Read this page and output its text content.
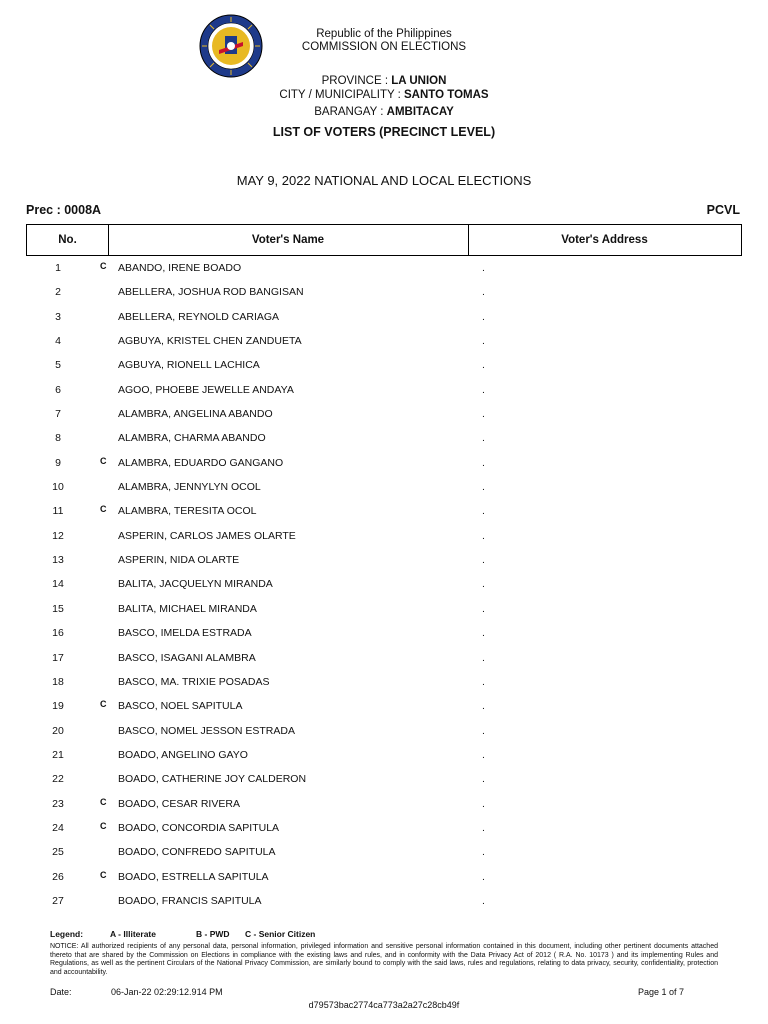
Republic of the Philippines
COMMISSION ON ELECTIONS
PROVINCE : LA UNION
CITY / MUNICIPALITY : SANTO TOMAS
BARANGAY : AMBITACAY
LIST OF VOTERS (PRECINCT LEVEL)
MAY 9, 2022 NATIONAL AND LOCAL ELECTIONS
Prec : 0008A	PCVL
No.	Voter's Name	Voter's Address
1	C ABANDO, IRENE BOADO	.
2	ABELLERA, JOSHUA ROD BANGISAN	.
3	ABELLERA, REYNOLD CARIAGA	.
4	AGBUYA, KRISTEL CHEN ZANDUETA	.
5	AGBUYA, RIONELL LACHICA	.
6	AGOO, PHOEBE JEWELLE ANDAYA	.
7	ALAMBRA, ANGELINA ABANDO	.
8	ALAMBRA, CHARMA ABANDO	.
9	C ALAMBRA, EDUARDO GANGANO	.
10	ALAMBRA, JENNYLYN OCOL	.
11	C ALAMBRA, TERESITA OCOL	.
12	ASPERIN, CARLOS JAMES OLARTE	.
13	ASPERIN, NIDA OLARTE	.
14	BALITA, JACQUELYN MIRANDA	.
15	BALITA, MICHAEL MIRANDA	.
16	BASCO, IMELDA ESTRADA	.
17	BASCO, ISAGANI ALAMBRA	.
18	BASCO, MA. TRIXIE POSADAS	.
19	C BASCO, NOEL SAPITULA	.
20	BASCO, NOMEL JESSON ESTRADA	.
21	BOADO, ANGELINO GAYO	.
22	BOADO, CATHERINE JOY CALDERON	.
23	C BOADO, CESAR RIVERA	.
24	C BOADO, CONCORDIA SAPITULA	.
25	BOADO, CONFREDO SAPITULA	.
26	C BOADO, ESTRELLA SAPITULA	.
27	BOADO, FRANCIS SAPITULA	.
Legend:	A - Illiterate	B - PWD C - Senior Citizen
NOTICE: All authorized recipients of any personal data, personal information, privileged information and sensitive personal information contained in this document, including other pertinent documents attached thereto that are shared by the Commission on Elections in compliance with the existing laws and rules, and in conformity with the Data Privacy Act of 2012 ( R.A. No. 10173 ) and its implementing Rules and Regulations, as well as the pertinent Circulars of the National Privacy Commission, are similarly bound to comply with the said laws, rules and regulations, relating to data privacy, security, confidentiality, protection and accountability.
Date:	06-Jan-22 02:29:12.914 PM	Page 1 of 7
d79573bac2774ca773a2a27c28cb49f
